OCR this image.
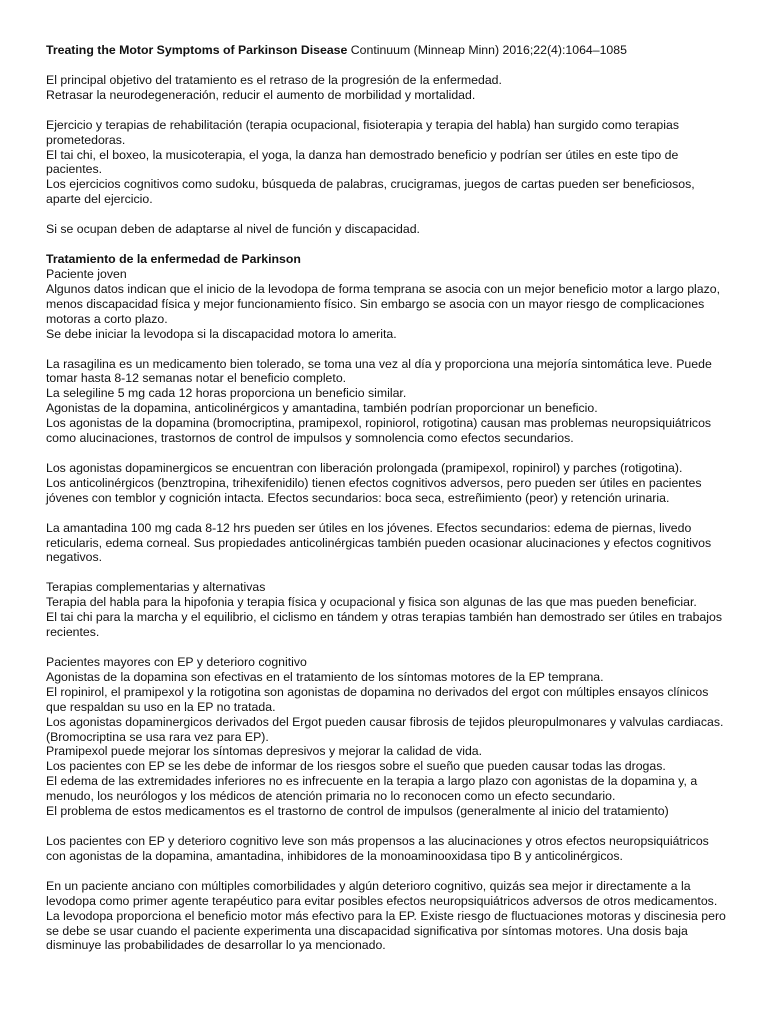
Treating the Motor Symptoms of Parkinson Disease Continuum (Minneap Minn) 2016;22(4):1064–1085

El principal objetivo del tratamiento es el retraso de la progresión de la enfermedad.

Retrasar la neurodegeneración, reducir el aumento de morbilidad y mortalidad.

Ejercicio y terapias de rehabilitación (terapia ocupacional, fisioterapia y terapia del habla) han surgido como terapias prometedoras.

El tai chi, el boxeo, la musicoterapia, el yoga, la danza han demostrado beneficio y podrían ser útiles en este tipo de pacientes.

Los ejercicios cognitivos como sudoku, búsqueda de palabras, crucigramas, juegos de cartas pueden ser beneficiosos, aparte del ejercicio.

Si se ocupan deben de adaptarse al nivel de función y discapacidad.

Tratamiento de la enfermedad de Parkinson

Paciente joven

Algunos datos indican que el inicio de la levodopa de forma temprana se asocia con un mejor beneficio motor a largo plazo, menos discapacidad física y mejor funcionamiento físico. Sin embargo se asocia con un mayor riesgo de complicaciones motoras a corto plazo.

Se debe iniciar la levodopa si la discapacidad motora lo amerita.

La rasagilina es un medicamento bien tolerado, se toma una vez al día y proporciona una mejoría sintomática leve. Puede tomar hasta 8-12 semanas notar el beneficio completo.

La selegiline 5 mg cada 12 horas proporciona un beneficio similar.

Agonistas de la dopamina, anticolinérgicos y amantadina, también podrían proporcionar un beneficio.

Los agonistas de la dopamina (bromocriptina, pramipexol, ropiniorol, rotigotina) causan mas problemas neuropsiquiátricos como alucinaciones, trastornos de control de impulsos y somnolencia como efectos secundarios.

Los agonistas dopaminergicos se encuentran con liberación prolongada (pramipexol, ropinirol) y parches (rotigotina).

Los anticolinérgicos (benztropina, trihexifenidilo) tienen efectos cognitivos adversos, pero pueden ser útiles en pacientes jóvenes con temblor y cognición intacta. Efectos secundarios: boca seca, estreñimiento (peor) y retención urinaria.

La amantadina 100 mg cada 8-12 hrs pueden ser útiles en los jóvenes. Efectos secundarios: edema de piernas, livedo reticularis, edema corneal. Sus propiedades anticolinérgicas también pueden ocasionar alucinaciones y efectos cognitivos negativos.

Terapias complementarias y alternativas

Terapia del habla para la hipofonia y terapia física y ocupacional y fisica son algunas de las que mas pueden beneficiar.

El tai chi para la marcha y el equilibrio, el ciclismo en tándem y otras terapias también han demostrado ser útiles en trabajos recientes.

Pacientes mayores con EP y deterioro cognitivo

Agonistas de la dopamina son efectivas en el tratamiento de los síntomas motores de la EP temprana.

El ropinirol, el pramipexol y la rotigotina son agonistas de dopamina no derivados del ergot con múltiples ensayos clínicos que respaldan su uso en la EP no tratada.

Los agonistas dopaminergicos derivados del Ergot pueden causar fibrosis de tejidos pleuropulmonares y valvulas cardiacas. (Bromocriptina se usa rara vez para EP).

Pramipexol puede mejorar los síntomas depresivos y mejorar la calidad de vida.

Los pacientes con EP se les debe de informar de los riesgos sobre el sueño que pueden causar todas las drogas.

El edema de las extremidades inferiores no es infrecuente en la terapia a largo plazo con agonistas de la dopamina y, a menudo, los neurólogos y los médicos de atención primaria no lo reconocen como un efecto secundario.

El problema de estos medicamentos es el trastorno de control de impulsos (generalmente al inicio del tratamiento)

Los pacientes con EP y deterioro cognitivo leve son más propensos a las alucinaciones y otros efectos neuropsiquiátricos con agonistas de la dopamina, amantadina, inhibidores de la monoaminooxidasa tipo B y anticolinérgicos.

En un paciente anciano con múltiples comorbilidades y algún deterioro cognitivo, quizás sea mejor ir directamente a la levodopa como primer agente terapéutico para evitar posibles efectos neuropsiquiátricos adversos de otros medicamentos.

La levodopa proporciona el beneficio motor más efectivo para la EP. Existe riesgo de fluctuaciones motoras y discinesia pero se debe se usar cuando el paciente experimenta una discapacidad significativa por síntomas motores. Una dosis baja disminuye las probabilidades de desarrollar lo ya mencionado.
